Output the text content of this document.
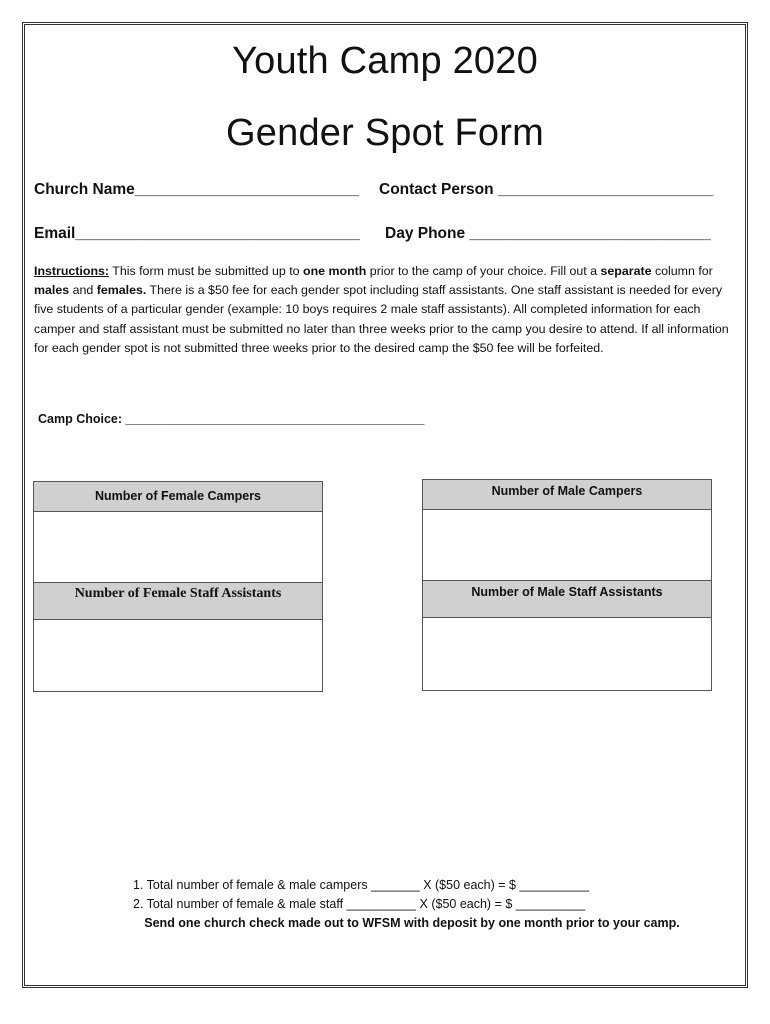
Youth Camp 2020
Gender Spot Form
Church Name__________________________ Contact Person _________________________
Email_________________________________ Day Phone ____________________________
Instructions: This form must be submitted up to one month prior to the camp of your choice. Fill out a separate column for males and females. There is a $50 fee for each gender spot including staff assistants. One staff assistant is needed for every five students of a particular gender (example: 10 boys requires 2 male staff assistants). All completed information for each camper and staff assistant must be submitted no later than three weeks prior to the camp you desire to attend. If all information for each gender spot is not submitted three weeks prior to the desired camp the $50 fee will be forfeited.
Camp Choice: ___________________________________________
Number of Female Campers
Number of Female Staff Assistants
Number of Male Campers
Number of Male Staff Assistants
1. Total number of female & male campers _______ X ($50 each) = $ __________
2. Total number of female & male staff __________ X ($50 each) = $ __________
Send one church check made out to WFSM with deposit by one month prior to your camp.
